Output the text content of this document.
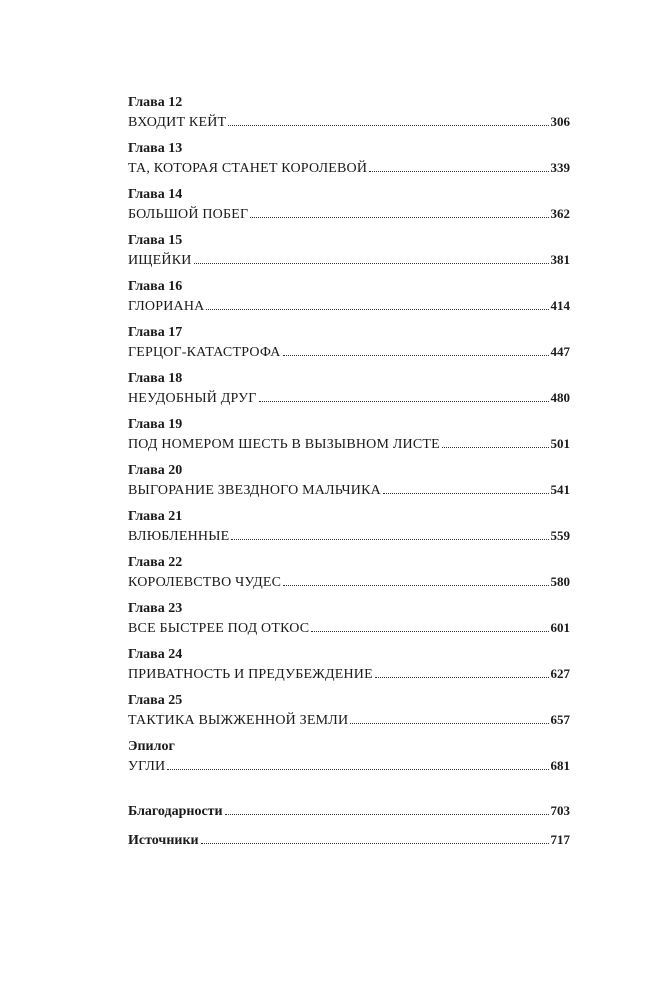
Глава 12
ВХОДИТ КЕЙТ	306
Глава 13
ТА, КОТОРАЯ СТАНЕТ КОРОЛЕВОЙ	339
Глава 14
БОЛЬШОЙ ПОБЕГ	362
Глава 15
ИЩЕЙКИ	381
Глава 16
ГЛОРИАНА	414
Глава 17
ГЕРЦОГ-КАТАСТРОФА	447
Глава 18
НЕУДОБНЫЙ ДРУГ	480
Глава 19
ПОД НОМЕРОМ ШЕСТЬ В ВЫЗЫВНОМ ЛИСТЕ	501
Глава 20
ВЫГОРАНИЕ ЗВЕЗДНОГО МАЛЬЧИКА	541
Глава 21
ВЛЮБЛЕННЫЕ	559
Глава 22
КОРОЛЕВСТВО ЧУДЕС	580
Глава 23
ВСЕ БЫСТРЕЕ ПОД ОТКОС	601
Глава 24
ПРИВАТНОСТЬ И ПРЕДУБЕЖДЕНИЕ	627
Глава 25
ТАКТИКА ВЫЖЖЕННОЙ ЗЕМЛИ	657
Эпилог
УГЛИ	681
Благодарности	703
Источники	717
